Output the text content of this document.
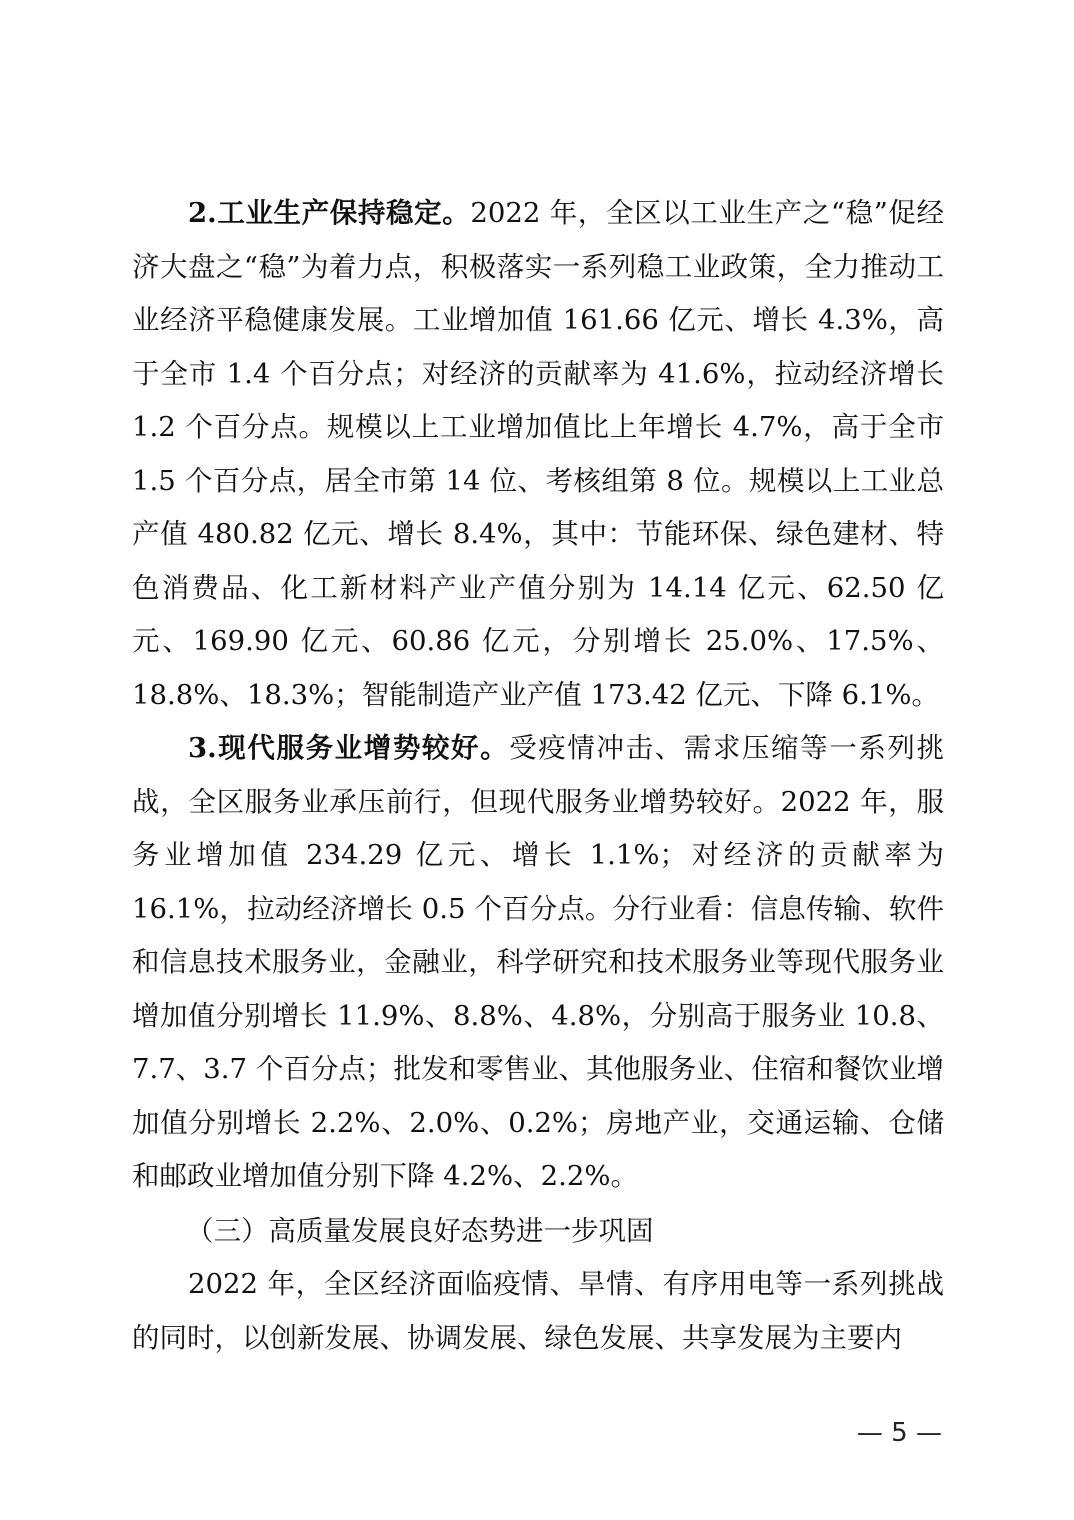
2.工业生产保持稳定。2022 年，全区以工业生产之“稳”促经济大盘之“稳”为着力点，积极落实一系列稳工业政策，全力推动工业经济平稳健康发展。工业增加值 161.66 亿元、增长 4.3%，高于全市 1.4 个百分点；对经济的贡献率为 41.6%，拉动经济增长 1.2 个百分点。规模以上工业增加值比上年增长 4.7%，高于全市 1.5 个百分点，居全市第 14 位、考核组第 8 位。规模以上工业总产值 480.82 亿元、增长 8.4%，其中：节能环保、绿色建材、特色消费品、化工新材料产业产值分别为 14.14 亿元、62.50 亿元、169.90 亿元、60.86 亿元，分别增长 25.0%、17.5%、18.8%、18.3%；智能制造产业产值 173.42 亿元、下降 6.1%。

3.现代服务业增势较好。受疫情冲击、需求压缩等一系列挑战，全区服务业承压前行，但现代服务业增势较好。2022 年，服务业增加值 234.29 亿元、增长 1.1%；对经济的贡献率为 16.1%，拉动经济增长 0.5 个百分点。分行业看：信息传输、软件和信息技术服务业，金融业，科学研究和技术服务业等现代服务业增加值分别增长 11.9%、8.8%、4.8%，分别高于服务业 10.8、7.7、3.7 个百分点；批发和零售业、其他服务业、住宿和餐饮业增加值分别增长 2.2%、2.0%、0.2%；房地产业，交通运输、仓储和邮政业增加值分别下降 4.2%、2.2%。

（三）高质量发展良好态势进一步巩固

2022 年，全区经济面临疫情、旱情、有序用电等一系列挑战的同时，以创新发展、协调发展、绿色发展、共享发展为主要内

— 5 —
